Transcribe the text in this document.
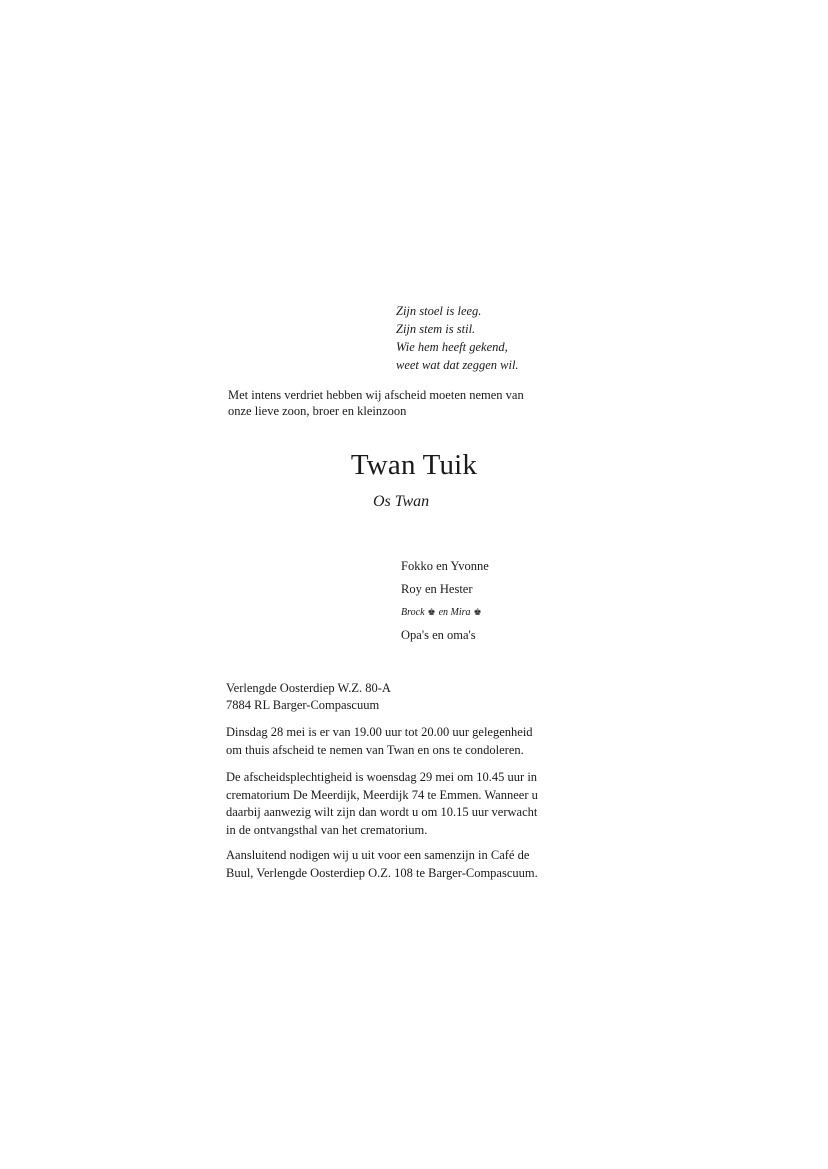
Zijn stoel is leeg.
Zijn stem is stil.
Wie hem heeft gekend,
weet wat dat zeggen wil.
Met intens verdriet hebben wij afscheid moeten nemen van
onze lieve zoon, broer en kleinzoon
Twan Tuik
Os Twan
Fokko en Yvonne
Roy en Hester
Brock ♚ en Mira ♚
Opa's en oma's
Verlengde Oosterdiep W.Z. 80-A
7884 RL Barger-Compascuum
Dinsdag 28 mei is er van 19.00 uur tot 20.00 uur gelegenheid
om thuis afscheid te nemen van Twan en ons te condoleren.
De afscheidsplechtigheid is woensdag 29 mei om 10.45 uur in
crematorium De Meerdijk, Meerdijk 74 te Emmen. Wanneer u
daarbij aanwezig wilt zijn dan wordt u om 10.15 uur verwacht
in de ontvangsthal van het crematorium.
Aansluitend nodigen wij u uit voor een samenzijn in Café de
Buul, Verlengde Oosterdiep O.Z. 108 te Barger-Compascuum.
